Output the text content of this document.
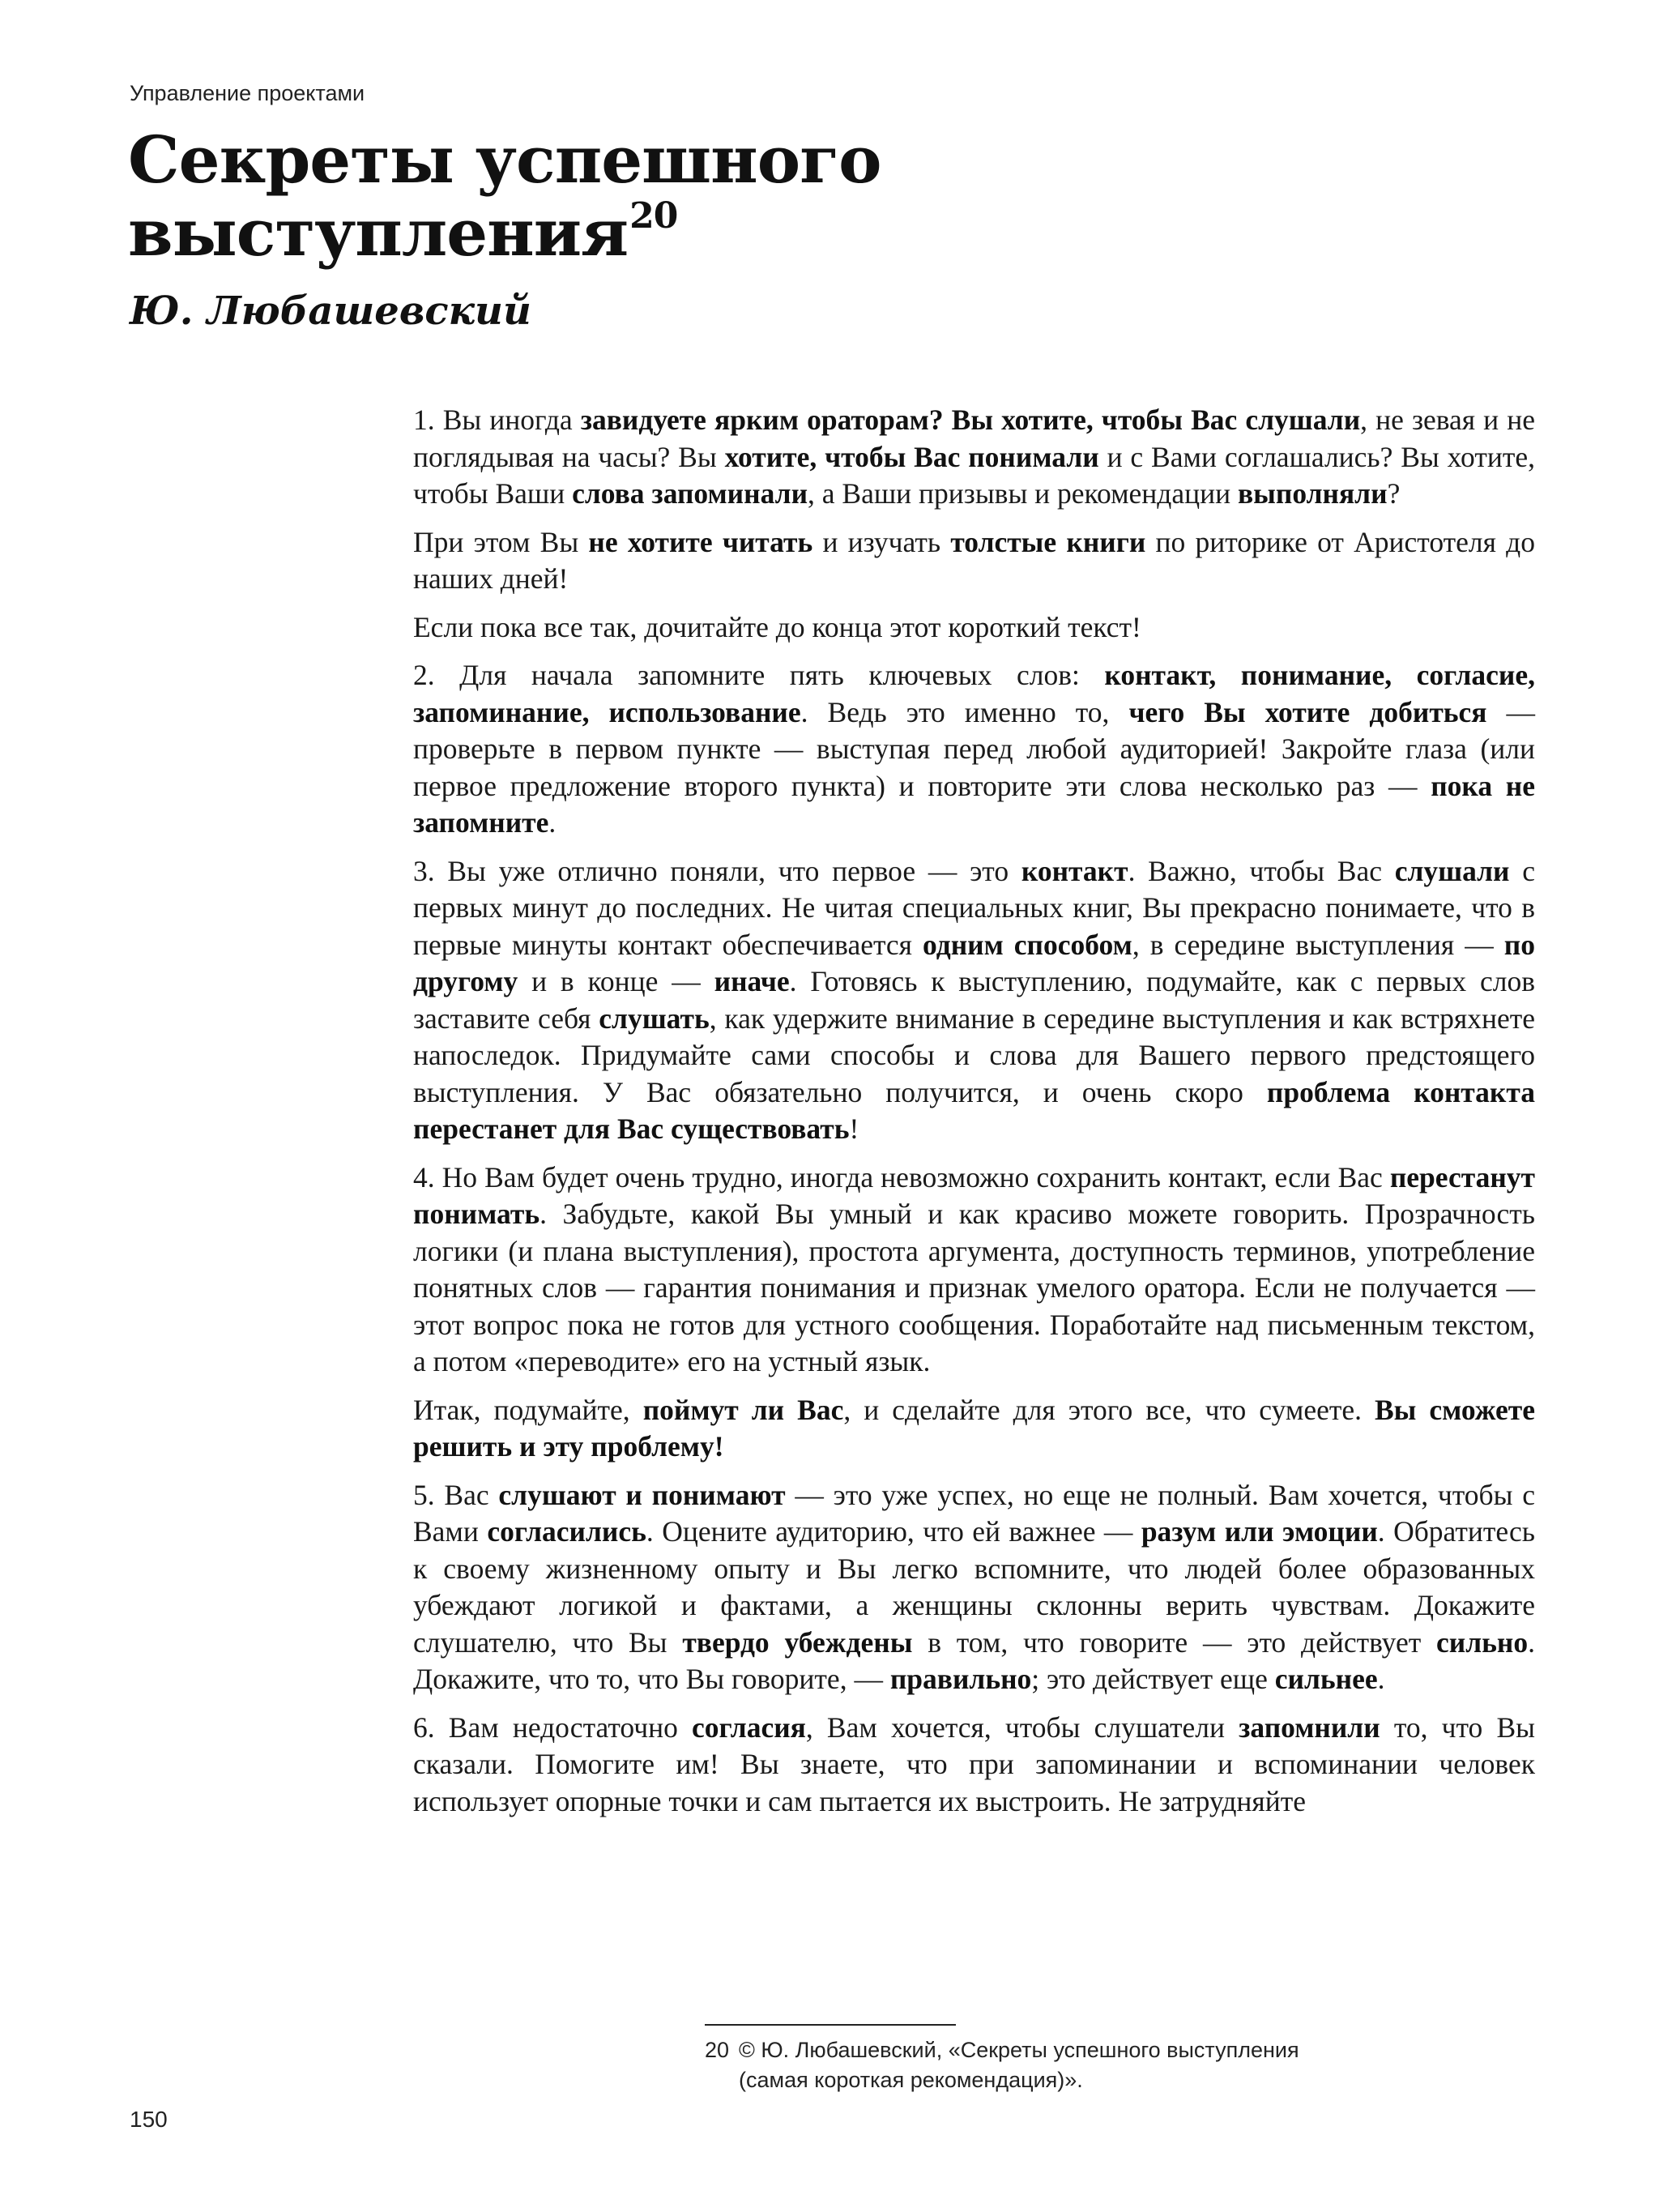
Управление проектами
Секреты успешного
выступления$^{20}$
Ю. Любашевский

1. Вы иногда завидуете ярким ораторам? Вы хотите, чтобы Вас слушали, не зевая и не поглядывая на часы? Вы хотите, чтобы Вас понимали и с Вами соглашались? Вы хотите, чтобы Ваши слова запоминали, а Ваши призывы и рекомендации выполняли?

При этом Вы не хотите читать и изучать толстые книги по риторике от Аристотеля до наших дней!

Если пока все так, дочитайте до конца этот короткий текст!

2. Для начала запомните пять ключевых слов: контакт, понимание, согласие, запоминание, использование. Ведь это именно то, чего Вы хотите добиться — проверьте в первом пункте — выступая перед любой аудиторией! Закройте глаза (или первое предложение второго пункта) и повторите эти слова несколько раз — пока не запомните.

3. Вы уже отлично поняли, что первое — это контакт. Важно, чтобы Вас слушали с первых минут до последних. Не читая специальных книг, Вы прекрасно понимаете, что в первые минуты контакт обеспечивается одним способом, в середине выступления — по другому и в конце — иначе. Готовясь к выступлению, подумайте, как с первых слов заставите себя слушать, как удержите внимание в середине выступления и как встряхнете напоследок. Придумайте сами способы и слова для Вашего первого предстоящего выступления. У Вас обязательно получится, и очень скоро проблема контакта перестанет для Вас существовать!

4. Но Вам будет очень трудно, иногда невозможно сохранить контакт, если Вас перестанут понимать. Забудьте, какой Вы умный и как красиво можете говорить. Прозрачность логики (и плана выступления), простота аргумента, доступность терминов, употребление понятных слов — гарантия понимания и признак умелого оратора. Если не получается — этот вопрос пока не готов для устного сообщения. Поработайте над письменным текстом, а потом «переводите» его на устный язык.

Итак, подумайте, поймут ли Вас, и сделайте для этого все, что сумеете. Вы сможете решить и эту проблему!

5. Вас слушают и понимают — это уже успех, но еще не полный. Вам хочется, чтобы с Вами согласились. Оцените аудиторию, что ей важнее — разум или эмоции. Обратитесь к своему жизненному опыту и Вы легко вспомните, что людей более образованных убеждают логикой и фактами, а женщины склонны верить чувствам. Докажите слушателю, что Вы твердо убеждены в том, что говорите — это действует сильно. Докажите, что то, что Вы говорите, — правильно; это действует еще сильнее.

6. Вам недостаточно согласия, Вам хочется, чтобы слушатели запомнили то, что Вы сказали. Помогите им! Вы знаете, что при запоминании и вспоминании человек использует опорные точки и сам пытается их выстроить. Не затрудняйте

20 © Ю. Любашевский, «Секреты успешного выступления
(самая короткая рекомендация)».
150
